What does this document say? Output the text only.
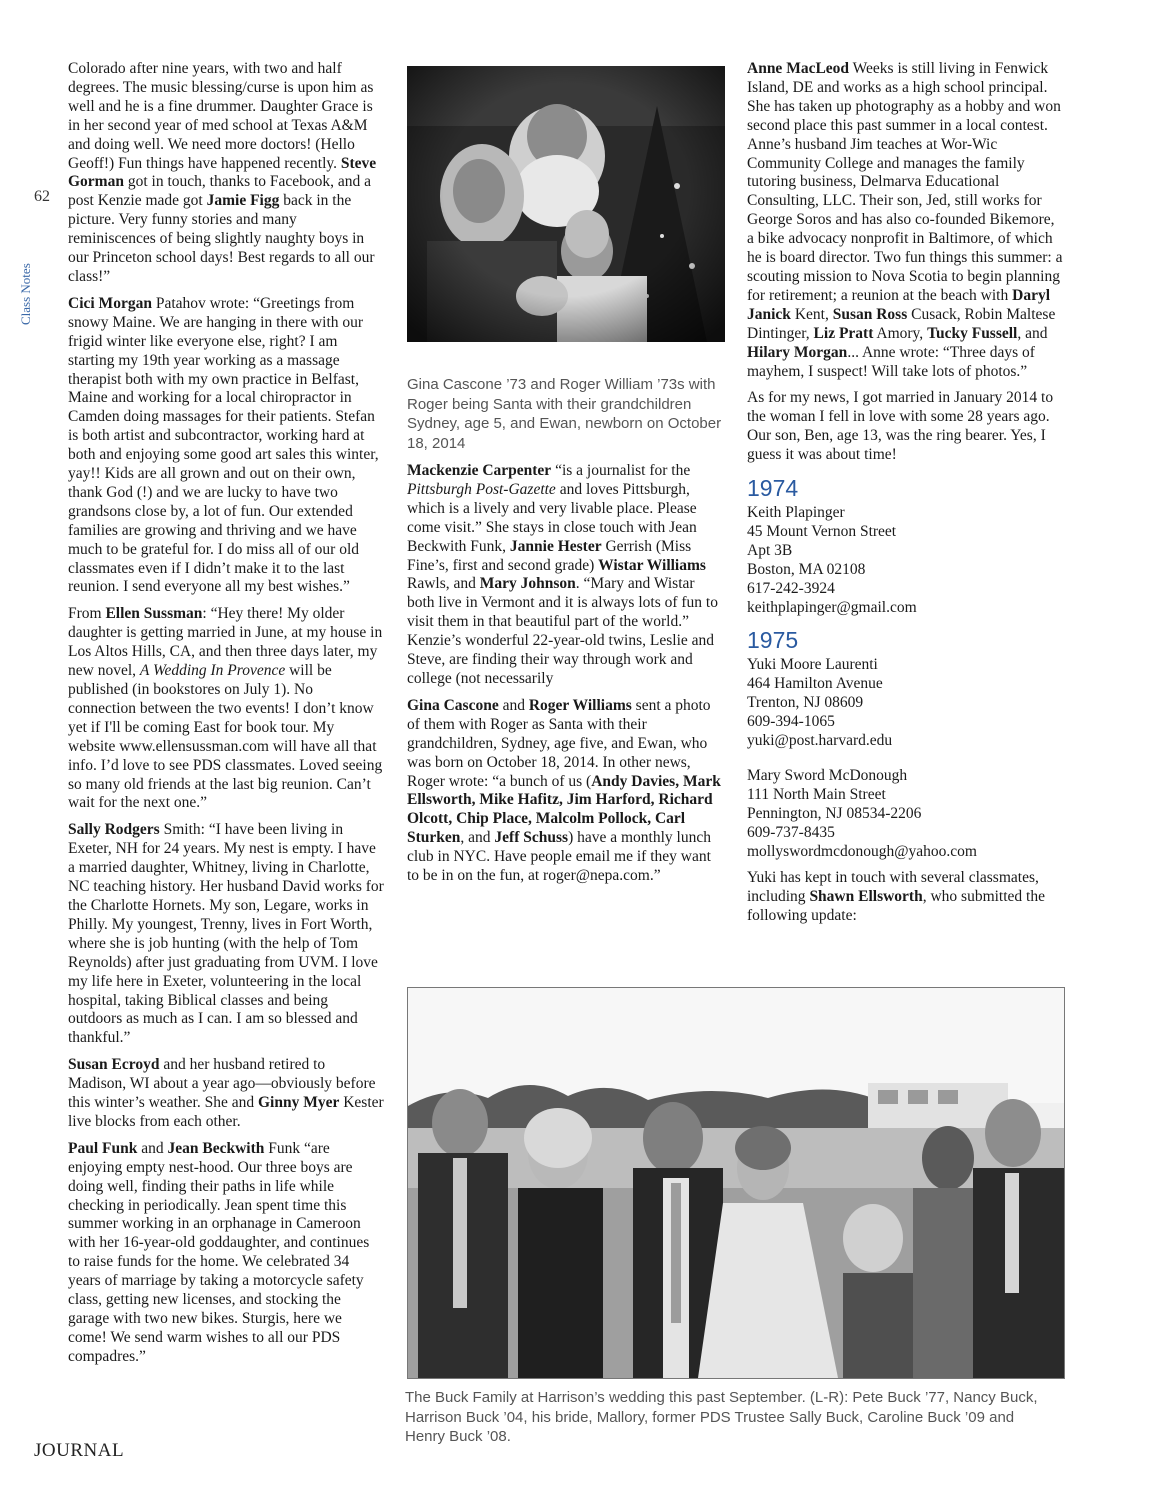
62
Class Notes
JOURNAL

Colorado after nine years, with two and half degrees. The music blessing/curse is upon him as well and he is a fine drummer. Daughter Grace is in her second year of med school at Texas A&M and doing well. We need more doctors! (Hello Geoff!) Fun things have happened recently. Steve Gorman got in touch, thanks to Facebook, and a post Kenzie made got Jamie Figg back in the picture. Very funny stories and many reminiscences of being slightly naughty boys in our Princeton school days! Best regards to all our class!”

Cici Morgan Patahov wrote: “Greetings from snowy Maine. We are hanging in there with our frigid winter like everyone else, right? I am starting my 19th year working as a massage therapist both with my own practice in Belfast, Maine and working for a local chiropractor in Camden doing massages for their patients. Stefan is both artist and subcontractor, working hard at both and enjoying some good art sales this winter, yay!! Kids are all grown and out on their own, thank God (!) and we are lucky to have two grandsons close by, a lot of fun. Our extended families are growing and thriving and we have much to be grateful for. I do miss all of our old classmates even if I didn’t make it to the last reunion. I send everyone all my best wishes.”

From Ellen Sussman: “Hey there! My older daughter is getting married in June, at my house in Los Altos Hills, CA, and then three days later, my new novel, A Wedding In Provence will be published (in bookstores on July 1). No connection between the two events! I don’t know yet if I'll be coming East for book tour. My website www.ellensussman.com will have all that info. I’d love to see PDS classmates. Loved seeing so many old friends at the last big reunion. Can’t wait for the next one.”

Sally Rodgers Smith: “I have been living in Exeter, NH for 24 years. My nest is empty. I have a married daughter, Whitney, living in Charlotte, NC teaching history. Her husband David works for the Charlotte Hornets. My son, Legare, works in Philly. My youngest, Trenny, lives in Fort Worth, where she is job hunting (with the help of Tom Reynolds) after just graduating from UVM. I love my life here in Exeter, volunteering in the local hospital, taking Biblical classes and being outdoors as much as I can. I am so blessed and thankful.”

Susan Ecroyd and her husband retired to Madison, WI about a year ago—obviously before this winter’s weather. She and Ginny Myer Kester live blocks from each other.

Paul Funk and Jean Beckwith Funk “are enjoying empty nest-hood. Our three boys are doing well, finding their paths in life while checking in periodically. Jean spent time this summer working in an orphanage in Cameroon with her 16-year-old goddaughter, and continues to raise funds for the home. We celebrated 34 years of marriage by taking a motorcycle safety class, getting new licenses, and stocking the garage with two new bikes. Sturgis, here we come! We send warm wishes to all our PDS compadres.”

Gina Cascone ’73 and Roger William ’73s with Roger being Santa with their grandchildren Sydney, age 5, and Ewan, newborn on October 18, 2014

Mackenzie Carpenter “is a journalist for the Pittsburgh Post-Gazette and loves Pittsburgh, which is a lively and very livable place. Please come visit.” She stays in close touch with Jean Beckwith Funk, Jannie Hester Gerrish (Miss Fine’s, first and second grade) Wistar Williams Rawls, and Mary Johnson. “Mary and Wistar both live in Vermont and it is always lots of fun to visit them in that beautiful part of the world.” Kenzie’s wonderful 22-year-old twins, Leslie and Steve, are finding their way through work and college (not necessarily

Gina Cascone and Roger Williams sent a photo of them with Roger as Santa with their grandchildren, Sydney, age five, and Ewan, who was born on October 18, 2014. In other news, Roger wrote: “a bunch of us (Andy Davies, Mark Ellsworth, Mike Hafitz, Jim Harford, Richard Olcott, Chip Place, Malcolm Pollock, Carl Sturken, and Jeff Schuss) have a monthly lunch club in NYC. Have people email me if they want to be in on the fun, at roger@nepa.com.”

Anne MacLeod Weeks is still living in Fenwick Island, DE and works as a high school principal. She has taken up photography as a hobby and won second place this past summer in a local contest. Anne’s husband Jim teaches at Wor-Wic Community College and manages the family tutoring business, Delmarva Educational Consulting, LLC. Their son, Jed, still works for George Soros and has also co-founded Bikemore, a bike advocacy nonprofit in Baltimore, of which he is board director. Two fun things this summer: a scouting mission to Nova Scotia to begin planning for retirement; a reunion at the beach with Daryl Janick Kent, Susan Ross Cusack, Robin Maltese Dintinger, Liz Pratt Amory, Tucky Fussell, and Hilary Morgan... Anne wrote: “Three days of mayhem, I suspect! Will take lots of photos.”

As for my news, I got married in January 2014 to the woman I fell in love with some 28 years ago. Our son, Ben, age 13, was the ring bearer. Yes, I guess it was about time!

1974
Keith Plapinger
45 Mount Vernon Street
Apt 3B
Boston, MA 02108
617-242-3924
keithplapinger@gmail.com
1975
Yuki Moore Laurenti
464 Hamilton Avenue
Trenton, NJ 08609
609-394-1065
yuki@post.harvard.edu
Mary Sword McDonough
111 North Main Street
Pennington, NJ 08534-2206
609-737-8435
mollyswordmcdonough@yahoo.com

Yuki has kept in touch with several classmates, including Shawn Ellsworth, who submitted the following update:

The Buck Family at Harrison’s wedding this past September. (L-R): Pete Buck ’77, Nancy Buck, Harrison Buck ’04, his bride, Mallory, former PDS Trustee Sally Buck, Caroline Buck ’09 and Henry Buck ’08.
